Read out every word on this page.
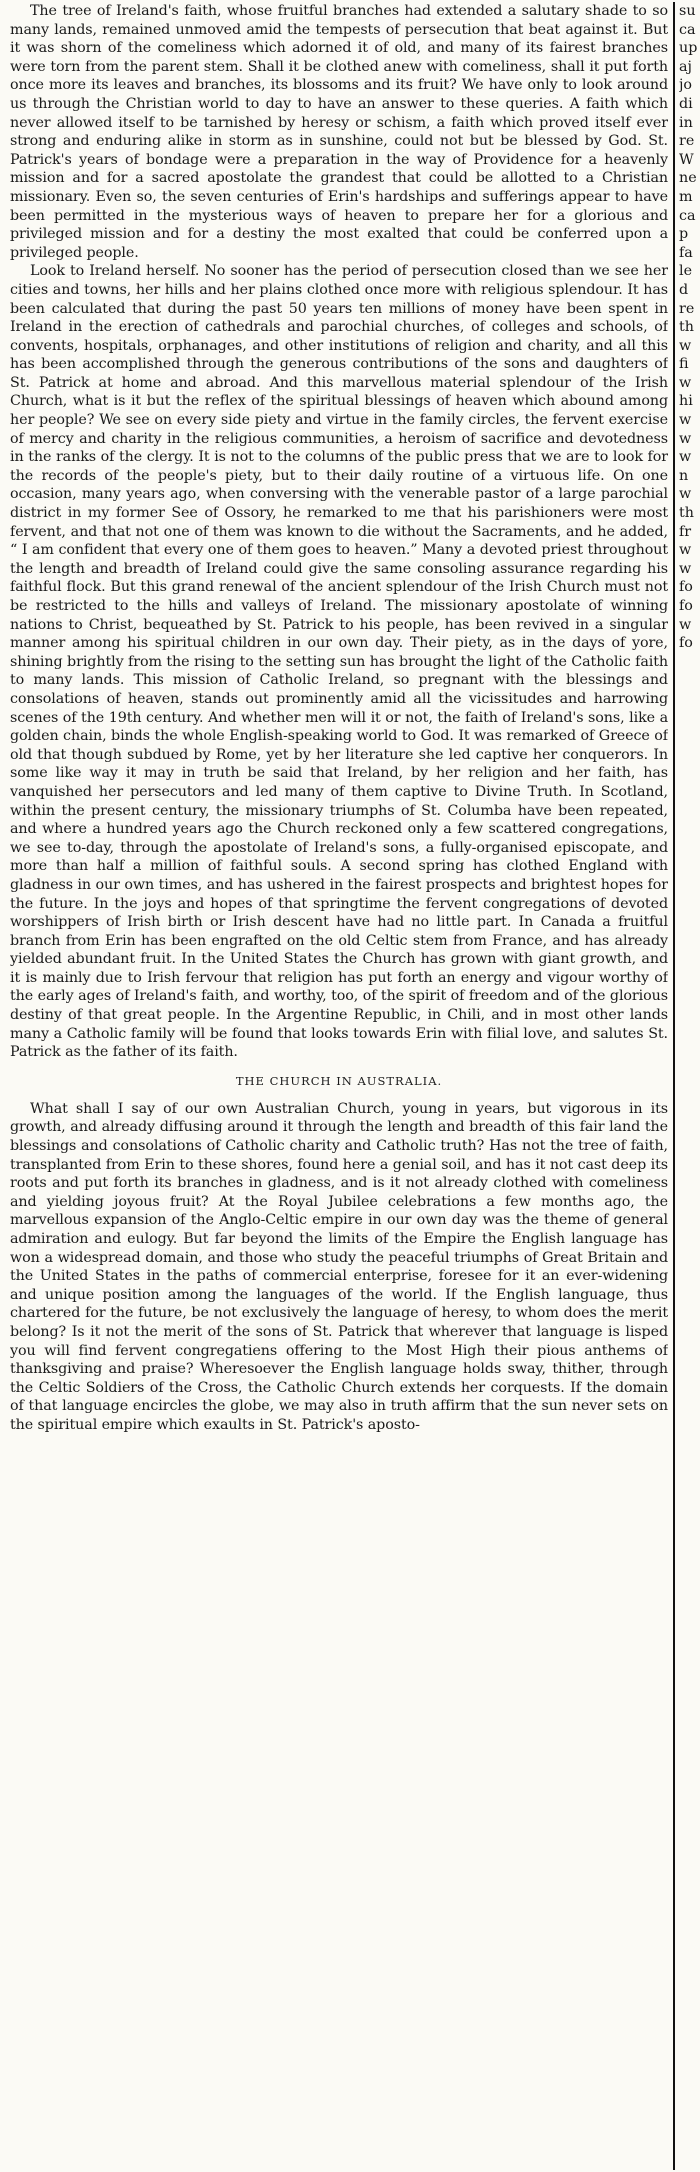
The tree of Ireland's faith, whose fruitful branches had extended a salutary shade to so many lands, remained unmoved amid the tempests of persecution that beat against it. But it was shorn of the comeliness which adorned it of old, and many of its fairest branches were torn from the parent stem. Shall it be clothed anew with comeliness, shall it put forth once more its leaves and branches, its blossoms and its fruit? We have only to look around us through the Christian world to day to have an answer to these queries. A faith which never allowed itself to be tarnished by heresy or schism, a faith which proved itself ever strong and enduring alike in storm as in sunshine, could not but be blessed by God. St. Patrick's years of bondage were a preparation in the way of Providence for a heavenly mission and for a sacred apostolate the grandest that could be allotted to a Christian missionary. Even so, the seven centuries of Erin's hardships and sufferings appear to have been permitted in the mysterious ways of heaven to prepare her for a glorious and privileged mission and for a destiny the most exalted that could be conferred upon a privileged people.

Look to Ireland herself. No sooner has the period of persecution closed than we see her cities and towns, her hills and her plains clothed once more with religious splendour. It has been calculated that during the past 50 years ten millions of money have been spent in Ireland in the erection of cathedrals and parochial churches, of colleges and schools, of convents, hospitals, orphanages, and other institutions of religion and charity, and all this has been accomplished through the generous contributions of the sons and daughters of St. Patrick at home and abroad. And this marvellous material splendour of the Irish Church, what is it but the reflex of the spiritual blessings of heaven which abound among her people? We see on every side piety and virtue in the family circles, the fervent exercise of mercy and charity in the religious communities, a heroism of sacrifice and devotedness in the ranks of the clergy. It is not to the columns of the public press that we are to look for the records of the people's piety, but to their daily routine of a virtuous life. On one occasion, many years ago, when conversing with the venerable pastor of a large parochial district in my former See of Ossory, he remarked to me that his parishioners were most fervent, and that not one of them was known to die without the Sacraments, and he added, “ I am confident that every one of them goes to heaven.” Many a devoted priest throughout the length and breadth of Ireland could give the same consoling assurance regarding his faithful flock. But this grand renewal of the ancient splendour of the Irish Church must not be restricted to the hills and valleys of Ireland. The missionary apostolate of winning nations to Christ, bequeathed by St. Patrick to his people, has been revived in a singular manner among his spiritual children in our own day. Their piety, as in the days of yore, shining brightly from the rising to the setting sun has brought the light of the Catholic faith to many lands. This mission of Catholic Ireland, so pregnant with the blessings and consolations of heaven, stands out prominently amid all the vicissitudes and harrowing scenes of the 19th century. And whether men will it or not, the faith of Ireland's sons, like a golden chain, binds the whole English-speaking world to God. It was remarked of Greece of old that though subdued by Rome, yet by her literature she led captive her conquerors. In some like way it may in truth be said that Ireland, by her religion and her faith, has vanquished her persecutors and led many of them captive to Divine Truth. In Scotland, within the present century, the missionary triumphs of St. Columba have been repeated, and where a hundred years ago the Church reckoned only a few scattered congregations, we see to-day, through the apostolate of Ireland's sons, a fully-organised episcopate, and more than half a million of faithful souls. A second spring has clothed England with gladness in our own times, and has ushered in the fairest prospects and brightest hopes for the future. In the joys and hopes of that springtime the fervent congregations of devoted worshippers of Irish birth or Irish descent have had no little part. In Canada a fruitful branch from Erin has been engrafted on the old Celtic stem from France, and has already yielded abundant fruit. In the United States the Church has grown with giant growth, and it is mainly due to Irish fervour that religion has put forth an energy and vigour worthy of the early ages of Ireland's faith, and worthy, too, of the spirit of freedom and of the glorious destiny of that great people. In the Argentine Republic, in Chili, and in most other lands many a Catholic family will be found that looks towards Erin with filial love, and salutes St. Patrick as the father of its faith.

THE CHURCH IN AUSTRALIA.

What shall I say of our own Australian Church, young in years, but vigorous in its growth, and already diffusing around it through the length and breadth of this fair land the blessings and consolations of Catholic charity and Catholic truth? Has not the tree of faith, transplanted from Erin to these shores, found here a genial soil, and has it not cast deep its roots and put forth its branches in gladness, and is it not already clothed with comeliness and yielding joyous fruit? At the Royal Jubilee celebrations a few months ago, the marvellous expansion of the Anglo-Celtic empire in our own day was the theme of general admiration and eulogy. But far beyond the limits of the Empire the English language has won a widespread domain, and those who study the peaceful triumphs of Great Britain and the United States in the paths of commercial enterprise, foresee for it an ever-widening and unique position among the languages of the world. If the English language, thus chartered for the future, be not exclusively the language of heresy, to whom does the merit belong? Is it not the merit of the sons of St. Patrick that wherever that language is lisped you will find fervent congregatiens offering to the Most High their pious anthems of thanksgiving and praise? Wheresoever the English language holds sway, thither, through the Celtic Soldiers of the Cross, the Catholic Church extends her corquests. If the domain of that language encircles the globe, we may also in truth affirm that the sun never sets on the spiritual empire which exaults in St. Patrick's aposto-

su
ca
up
aj
jo
di
in
re
W
ne
m
ca
p
fa
le
d
re
th
w
fi
w
hi
w
w
w
n
w
th
fr
w
w
fo
fo
w
fo
